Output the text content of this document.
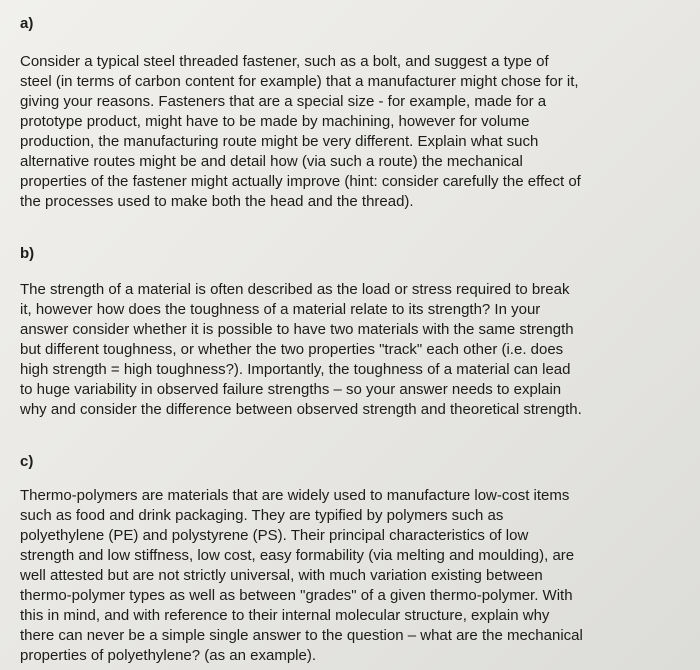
a)

Consider a typical steel threaded fastener, such as a bolt, and suggest a type of
steel (in terms of carbon content for example) that a manufacturer might chose for it,
giving your reasons. Fasteners that are a special size - for example, made for a
prototype product, might have to be made by machining, however for volume
production, the manufacturing route might be very different. Explain what such
alternative routes might be and detail how (via such a route) the mechanical
properties of the fastener might actually improve (hint: consider carefully the effect of
the processes used to make both the head and the thread).

b)

The strength of a material is often described as the load or stress required to break
it, however how does the toughness of a material relate to its strength? In your
answer consider whether it is possible to have two materials with the same strength
but different toughness, or whether the two properties "track" each other (i.e. does
high strength = high toughness?). Importantly, the toughness of a material can lead
to huge variability in observed failure strengths – so your answer needs to explain
why and consider the difference between observed strength and theoretical strength.

c)

Thermo-polymers are materials that are widely used to manufacture low-cost items
such as food and drink packaging. They are typified by polymers such as
polyethylene (PE) and polystyrene (PS). Their principal characteristics of low
strength and low stiffness, low cost, easy formability (via melting and moulding), are
well attested but are not strictly universal, with much variation existing between
thermo-polymer types as well as between "grades" of a given thermo-polymer. With
this in mind, and with reference to their internal molecular structure, explain why
there can never be a simple single answer to the question – what are the mechanical
properties of polyethylene? (as an example).
